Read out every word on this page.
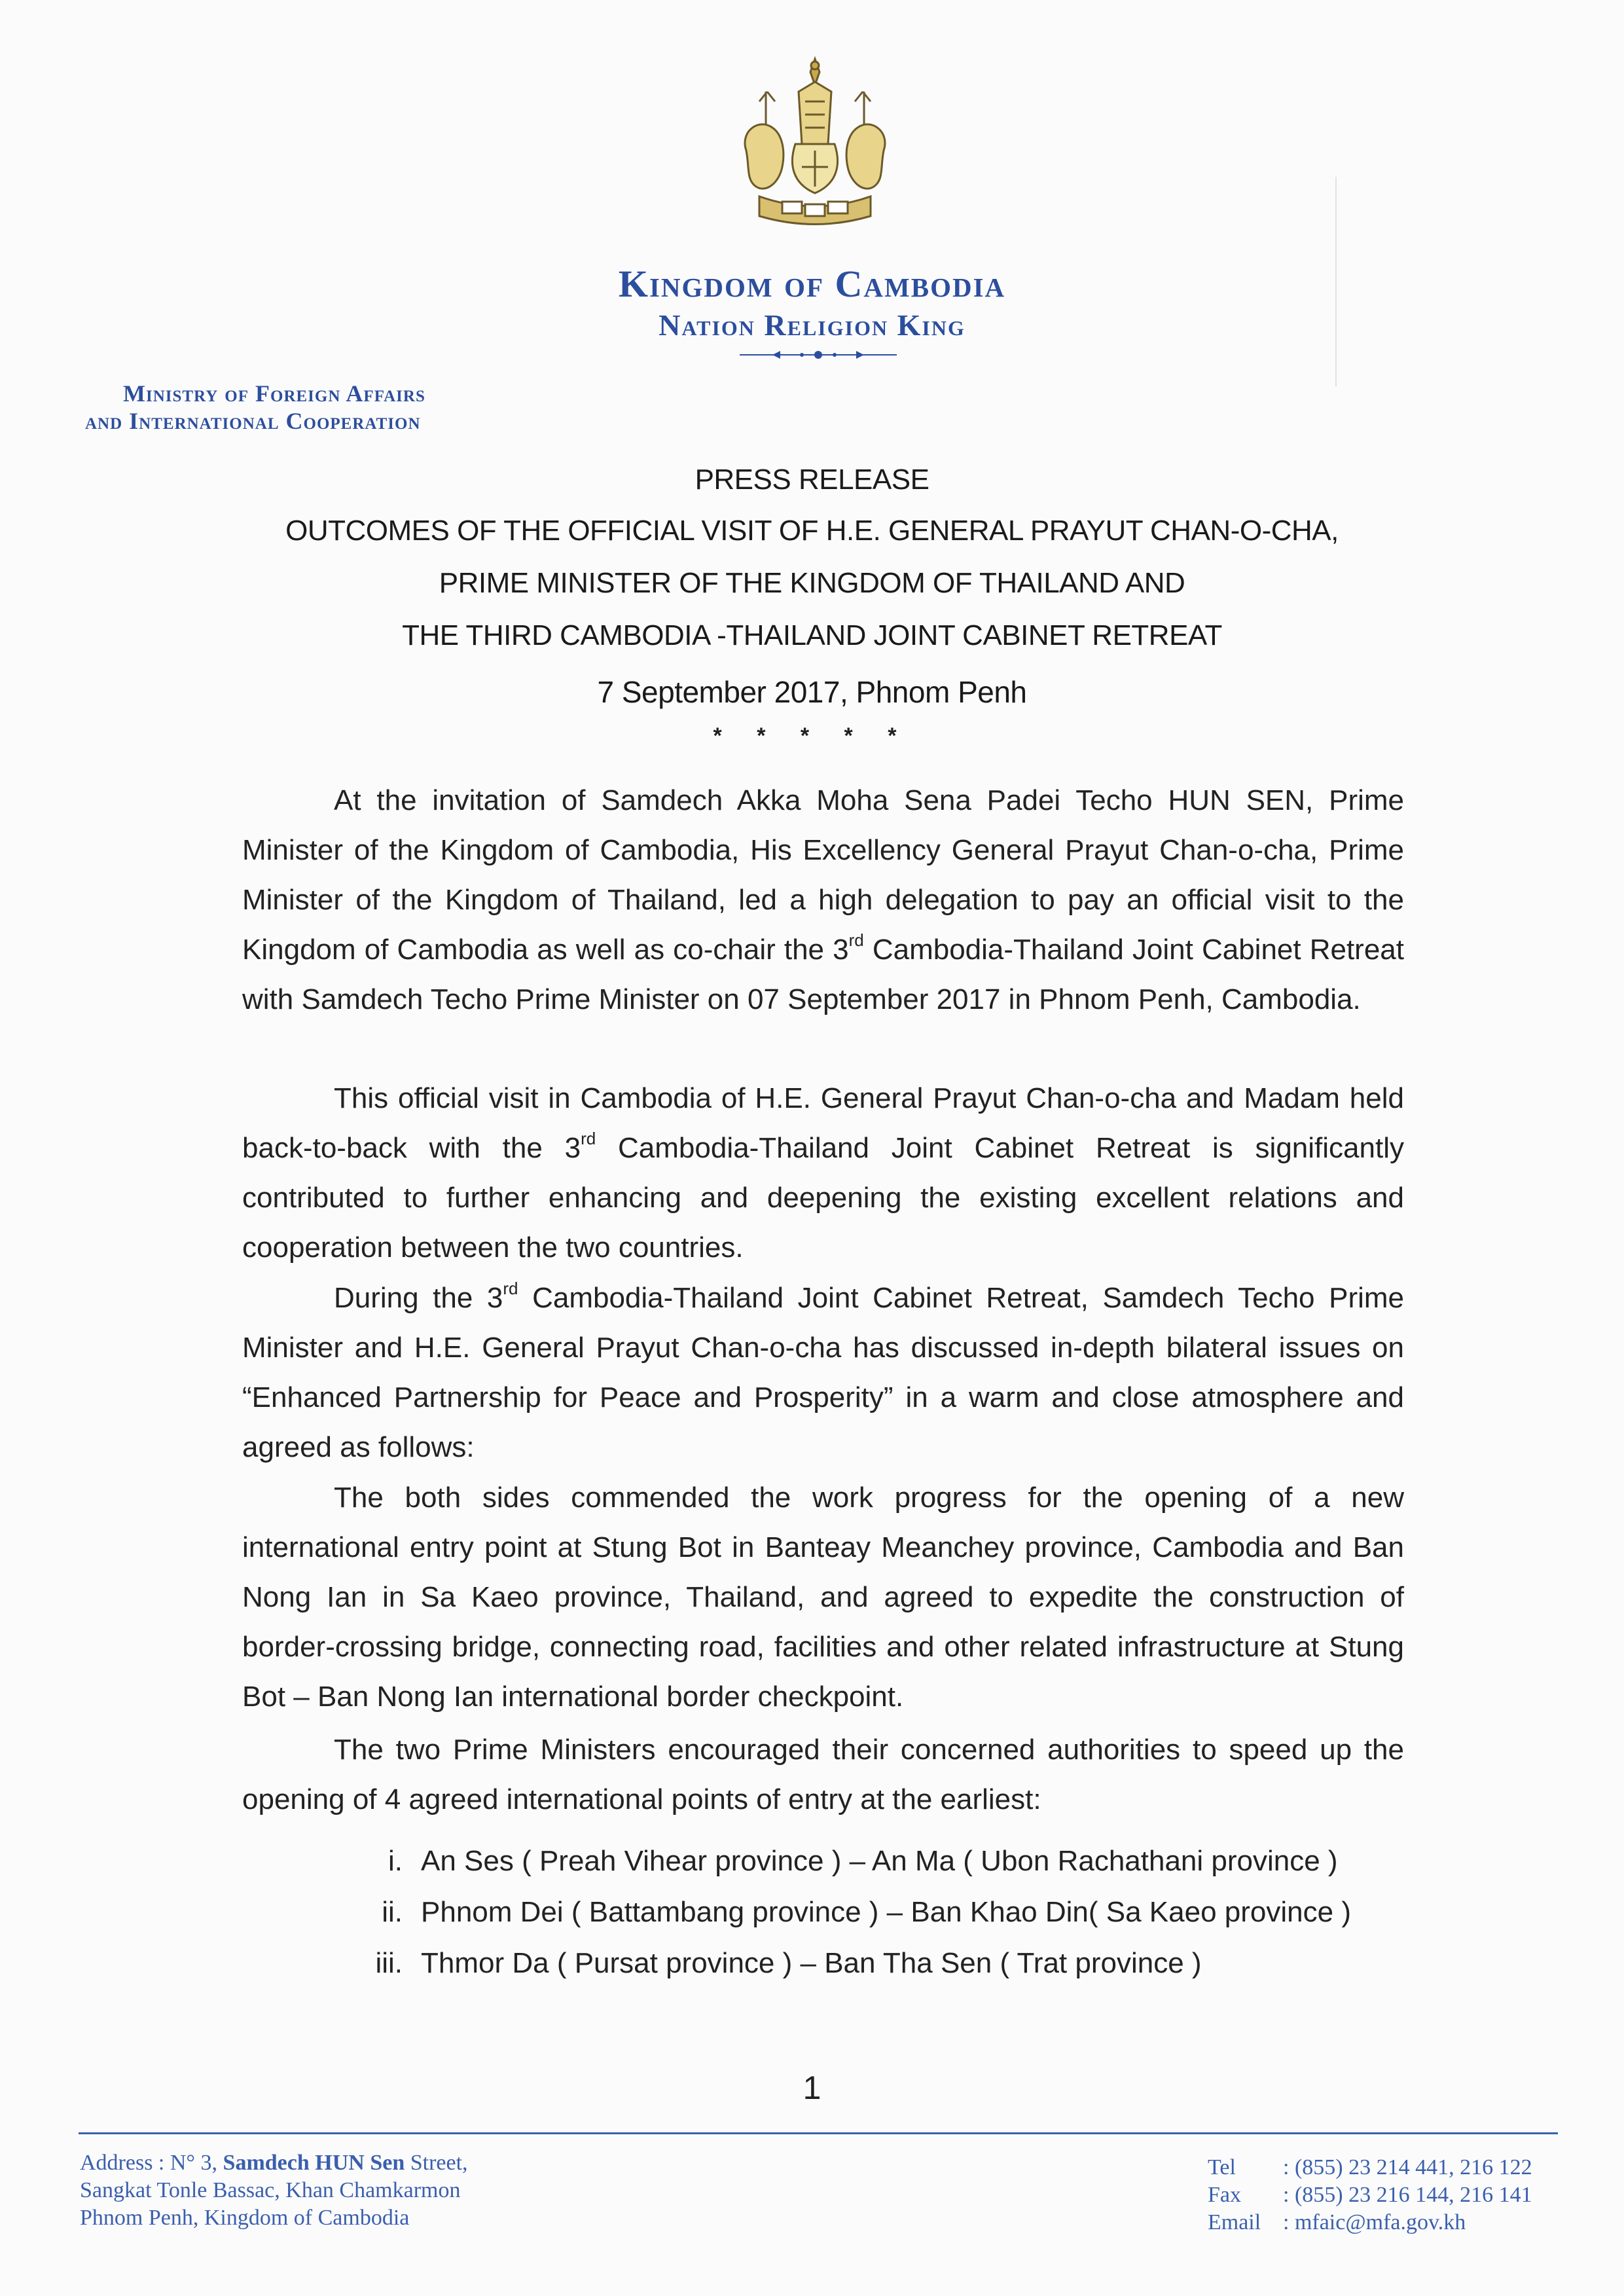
Kingdom of Cambodia
Nation Religion King
Ministry of Foreign Affairs
and International Cooperation
PRESS RELEASE
OUTCOMES OF THE OFFICIAL VISIT OF H.E. GENERAL PRAYUT CHAN-O-CHA,
PRIME MINISTER OF THE KINGDOM OF THAILAND AND
THE THIRD CAMBODIA -THAILAND JOINT CABINET RETREAT
7 September 2017, Phnom Penh
* * * * *
At the invitation of Samdech Akka Moha Sena Padei Techo HUN SEN, Prime Minister of the Kingdom of Cambodia, His Excellency General Prayut Chan-o-cha, Prime Minister of the Kingdom of Thailand, led a high delegation to pay an official visit to the Kingdom of Cambodia as well as co-chair the 3rd Cambodia-Thailand Joint Cabinet Retreat with Samdech Techo Prime Minister on 07 September 2017 in Phnom Penh, Cambodia.
This official visit in Cambodia of H.E. General Prayut Chan-o-cha and Madam held back-to-back with the 3rd Cambodia-Thailand Joint Cabinet Retreat is significantly contributed to further enhancing and deepening the existing excellent relations and cooperation between the two countries.
During the 3rd Cambodia-Thailand Joint Cabinet Retreat, Samdech Techo Prime Minister and H.E. General Prayut Chan-o-cha has discussed in-depth bilateral issues on “Enhanced Partnership for Peace and Prosperity” in a warm and close atmosphere and agreed as follows:
The both sides commended the work progress for the opening of a new international entry point at Stung Bot in Banteay Meanchey province, Cambodia and Ban Nong Ian in Sa Kaeo province, Thailand, and agreed to expedite the construction of border-crossing bridge, connecting road, facilities and other related infrastructure at Stung Bot – Ban Nong Ian international border checkpoint.
The two Prime Ministers encouraged their concerned authorities to speed up the opening of 4 agreed international points of entry at the earliest:
i. An Ses ( Preah Vihear province ) – An Ma ( Ubon Rachathani province )
ii. Phnom Dei ( Battambang province ) – Ban Khao Din( Sa Kaeo province )
iii. Thmor Da ( Pursat province ) – Ban Tha Sen ( Trat province )
1
Address : N° 3, Samdech HUN Sen Street,
Sangkat Tonle Bassac, Khan Chamkarmon
Phnom Penh, Kingdom of Cambodia
Tel	: (855) 23 214 441, 216 122
Fax	: (855) 23 216 144, 216 141
Email : mfaic@mfa.gov.kh
